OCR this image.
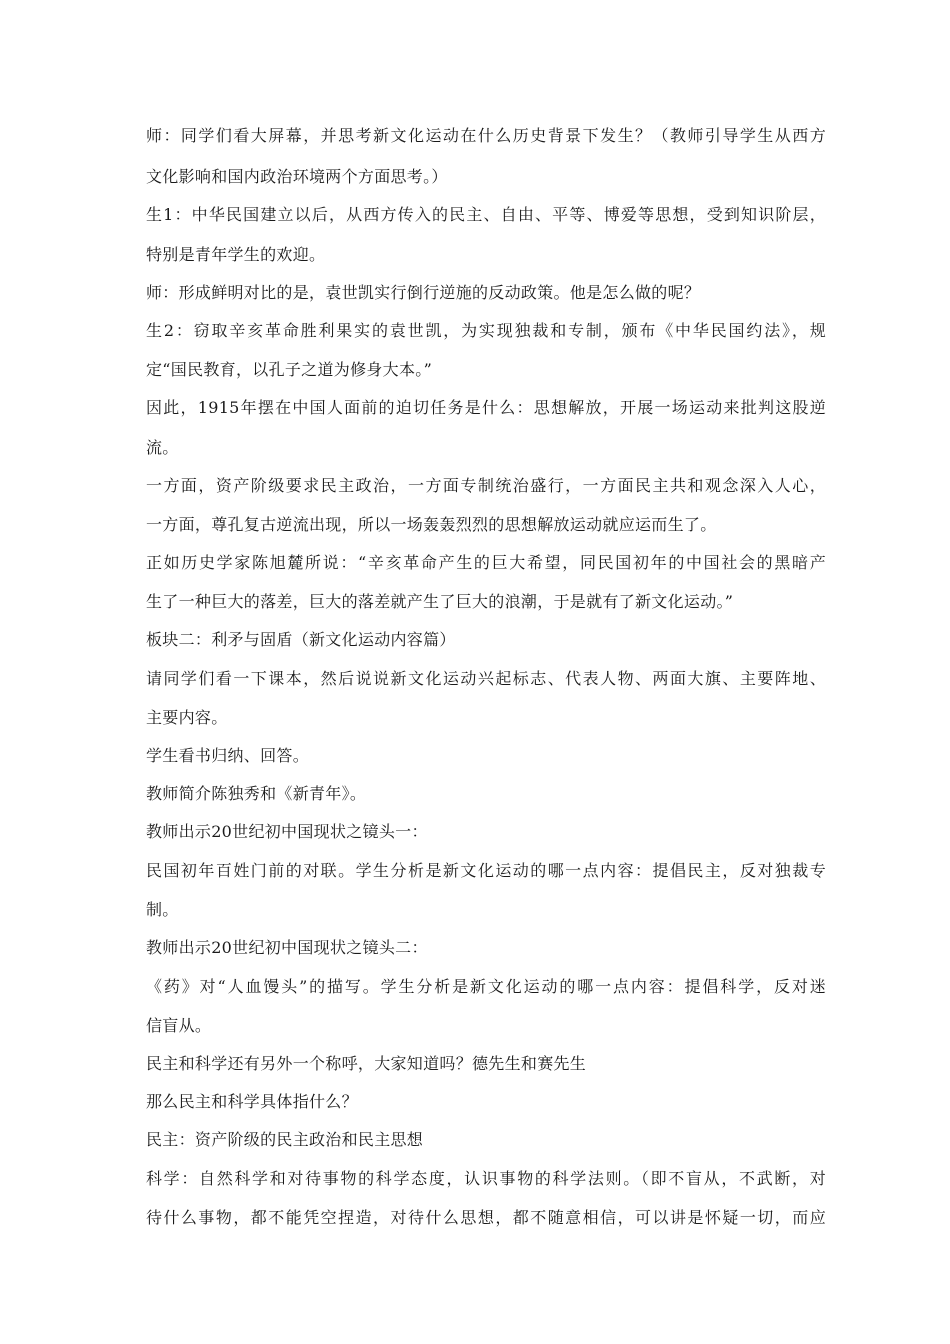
师：同学们看大屏幕，并思考新文化运动在什么历史背景下发生？（教师引导学生从西方
文化影响和国内政治环境两个方面思考。）
生1：中华民国建立以后，从西方传入的民主、自由、平等、博爱等思想，受到知识阶层，
特别是青年学生的欢迎。
师：形成鲜明对比的是，袁世凯实行倒行逆施的反动政策。他是怎么做的呢？
生2：窃取辛亥革命胜利果实的袁世凯，为实现独裁和专制，颁布《中华民国约法》，规
定“国民教育，以孔子之道为修身大本。”
因此，1915年摆在中国人面前的迫切任务是什么：思想解放，开展一场运动来批判这股逆
流。
一方面，资产阶级要求民主政治，一方面专制统治盛行，一方面民主共和观念深入人心，
一方面，尊孔复古逆流出现，所以一场轰轰烈烈的思想解放运动就应运而生了。
正如历史学家陈旭麓所说：“辛亥革命产生的巨大希望，同民国初年的中国社会的黑暗产
生了一种巨大的落差，巨大的落差就产生了巨大的浪潮，于是就有了新文化运动。”
板块二：利矛与固盾（新文化运动内容篇）
请同学们看一下课本，然后说说新文化运动兴起标志、代表人物、两面大旗、主要阵地、
主要内容。
学生看书归纳、回答。
教师简介陈独秀和《新青年》。
教师出示20世纪初中国现状之镜头一：
民国初年百姓门前的对联。学生分析是新文化运动的哪一点内容：提倡民主，反对独裁专
制。
教师出示20世纪初中国现状之镜头二：
《药》对“人血馒头”的描写。学生分析是新文化运动的哪一点内容：提倡科学，反对迷
信盲从。
民主和科学还有另外一个称呼，大家知道吗？德先生和赛先生
那么民主和科学具体指什么？
民主：资产阶级的民主政治和民主思想
科学：自然科学和对待事物的科学态度，认识事物的科学法则。（即不盲从，不武断，对
待什么事物，都不能凭空捏造，对待什么思想，都不随意相信，可以讲是怀疑一切，而应
